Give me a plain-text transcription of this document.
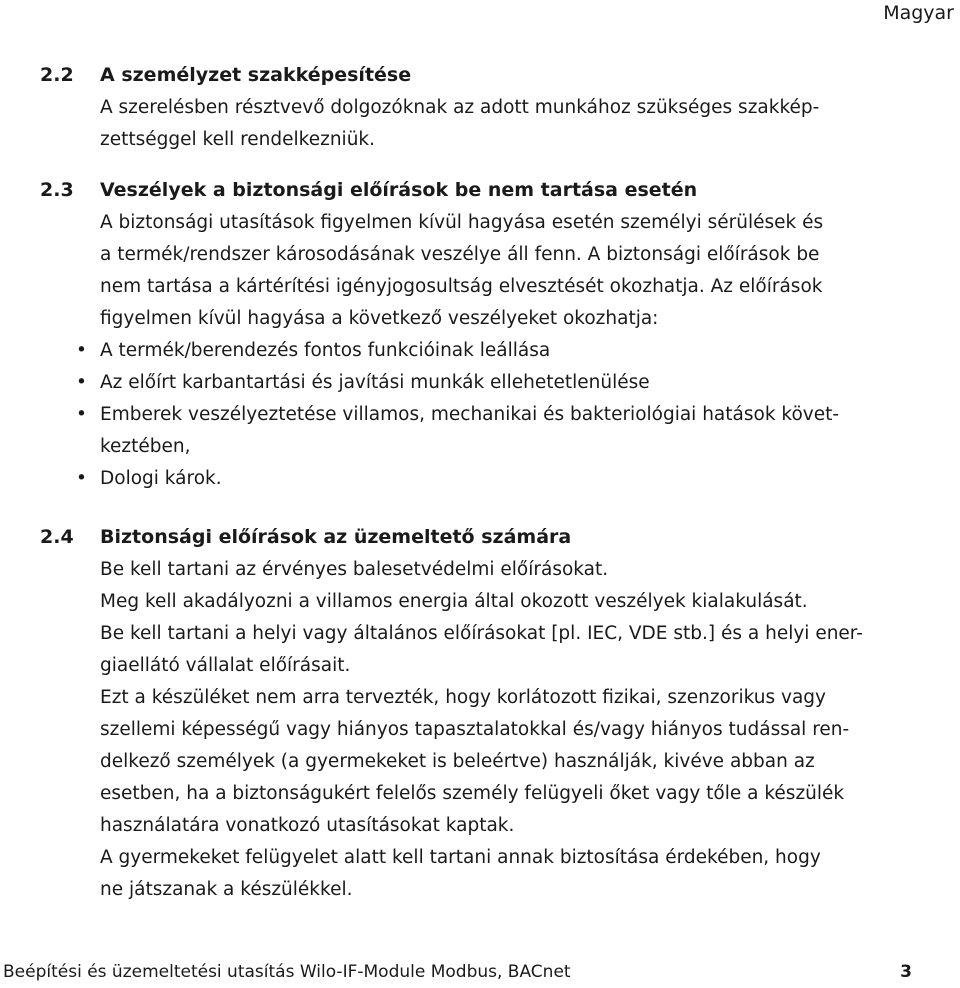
Magyar
2.2 A személyzet szakképesítése
A szerelésben résztvevő dolgozóknak az adott munkához szükséges szakkép-
zettséggel kell rendelkezniük.
2.3 Veszélyek a biztonsági előírások be nem tartása esetén
A biztonsági utasítások figyelmen kívül hagyása esetén személyi sérülések és
a termék/rendszer károsodásának veszélye áll fenn. A biztonsági előírások be
nem tartása a kártérítési igényjogosultság elvesztését okozhatja. Az előírások
figyelmen kívül hagyása a következő veszélyeket okozhatja:
• A termék/berendezés fontos funkcióinak leállása
• Az előírt karbantartási és javítási munkák ellehetetlenülése
• Emberek veszélyeztetése villamos, mechanikai és bakteriológiai hatások követ-
keztében,
• Dologi károk.
2.4 Biztonsági előírások az üzemeltető számára
Be kell tartani az érvényes balesetvédelmi előírásokat.
Meg kell akadályozni a villamos energia által okozott veszélyek kialakulását.
Be kell tartani a helyi vagy általános előírásokat [pl. IEC, VDE stb.] és a helyi ener-
giaellátó vállalat előírásait.
Ezt a készüléket nem arra tervezték, hogy korlátozott fizikai, szenzorikus vagy
szellemi képességű vagy hiányos tapasztalatokkal és/vagy hiányos tudással ren-
delkező személyek (a gyermekeket is beleértve) használják, kivéve abban az
esetben, ha a biztonságukért felelős személy felügyeli őket vagy tőle a készülék
használatára vonatkozó utasításokat kaptak.
A gyermekeket felügyelet alatt kell tartani annak biztosítása érdekében, hogy
ne játszanak a készülékkel.
Beépítési és üzemeltetési utasítás Wilo-IF-Module Modbus, BACnet	3
